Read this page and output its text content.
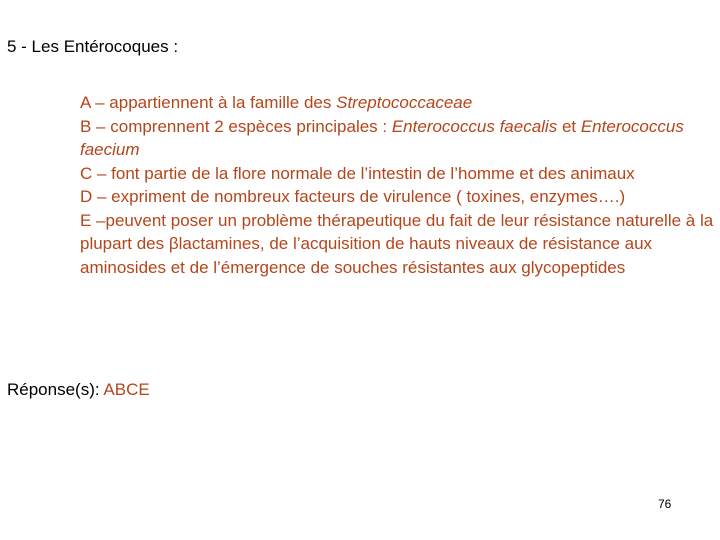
5 - Les Entérocoques :
A – appartiennent à la famille des Streptococcaceae
B – comprennent 2 espèces principales : Enterococcus faecalis et Enterococcus faecium
C – font partie de la flore normale de l’intestin de l’homme et des animaux
D – expriment de nombreux facteurs de virulence ( toxines, enzymes….)
E –peuvent poser un problème thérapeutique du fait de leur résistance naturelle à la plupart des βlactamines, de l’acquisition de hauts niveaux de résistance aux aminosides et de l’émergence de souches résistantes aux glycopeptides
Réponse(s): ABCE
76
